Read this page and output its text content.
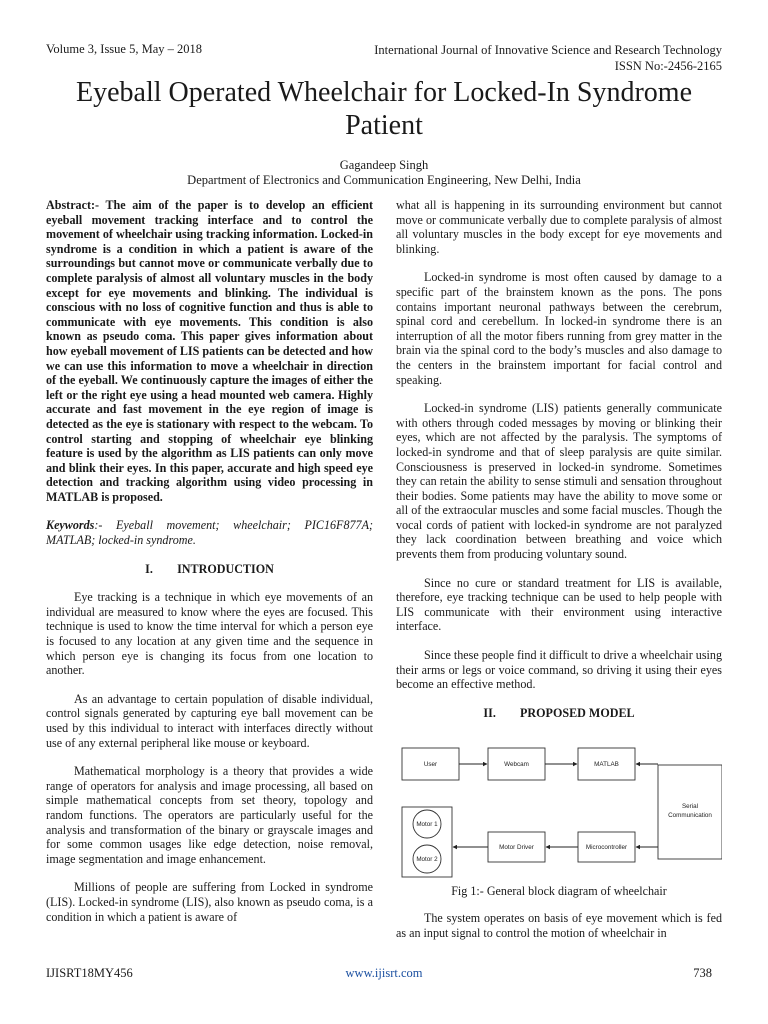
Volume 3, Issue 5, May – 2018	International Journal of Innovative Science and Research Technology
ISSN No:-2456-2165
Eyeball Operated Wheelchair for Locked-In Syndrome Patient
Gagandeep Singh
Department of Electronics and Communication Engineering, New Delhi, India

Abstract:- The aim of the paper is to develop an efficient eyeball movement tracking interface and to control the movement of wheelchair using tracking information. Locked-in syndrome is a condition in which a patient is aware of the surroundings but cannot move or communicate verbally due to complete paralysis of almost all voluntary muscles in the body except for eye movements and blinking. The individual is conscious with no loss of cognitive function and thus is able to communicate with eye movements. This condition is also known as pseudo coma. This paper gives information about how eyeball movement of LIS patients can be detected and how we can use this information to move a wheelchair in direction of the eyeball. We continuously capture the images of either the left or the right eye using a head mounted web camera. Highly accurate and fast movement in the eye region of image is detected as the eye is stationary with respect to the webcam. To control starting and stopping of wheelchair eye blinking feature is used by the algorithm as LIS patients can only move and blink their eyes. In this paper, accurate and high speed eye detection and tracking algorithm using video processing in MATLAB is proposed.

Keywords:- Eyeball movement; wheelchair; PIC16F877A; MATLAB; locked-in syndrome.

I.        INTRODUCTION

Eye tracking is a technique in which eye movements of an individual are measured to know where the eyes are focused. This technique is used to know the time interval for which a person eye is focused to any location at any given time and the sequence in which person eye is changing its focus from one location to another.

As an advantage to certain population of disable individual, control signals generated by capturing eye ball movement can be used by this individual to interact with interfaces directly without use of any external peripheral like mouse or keyboard.

Mathematical morphology is a theory that provides a wide range of operators for analysis and image processing, all based on simple mathematical concepts from set theory, topology and random functions. The operators are particularly useful for the analysis and transformation of the binary or grayscale images and for some common usages like edge detection, noise removal, image segmentation and image enhancement.

Millions of people are suffering from Locked in syndrome (LIS). Locked-in syndrome (LIS), also known as pseudo coma, is a condition in which a patient is aware of

what all is happening in its surrounding environment but cannot move or communicate verbally due to complete paralysis of almost all voluntary muscles in the body except for eye movements and blinking.

Locked-in syndrome is most often caused by damage to a specific part of the brainstem known as the pons. The pons contains important neuronal pathways between the cerebrum, spinal cord and cerebellum. In locked-in syndrome there is an interruption of all the motor fibers running from grey matter in the brain via the spinal cord to the body’s muscles and also damage to the centers in the brainstem important for facial control and speaking.

Locked-in syndrome (LIS) patients generally communicate with others through coded messages by moving or blinking their eyes, which are not affected by the paralysis. The symptoms of locked-in syndrome and that of sleep paralysis are quite similar. Consciousness is preserved in locked-in syndrome. Sometimes they can retain the ability to sense stimuli and sensation throughout their bodies. Some patients may have the ability to move some or all of the extraocular muscles and some facial muscles. Though the vocal cords of patient with locked-in syndrome are not paralyzed they lack coordination between breathing and voice which prevents them from producing voluntary sound.

Since no cure or standard treatment for LIS is available, therefore, eye tracking technique can be used to help people with LIS communicate with their environment using interactive interface.

Since these people find it difficult to drive a wheelchair using their arms or legs or voice command, so driving it using their eyes become an effective method.

II.        PROPOSED MODEL

User	Webcam	MATLAB
Serial
Communication
Microcontroller
Motor Driver
Motor 1
Motor 2

Fig 1:- General block diagram of wheelchair

The system operates on basis of eye movement which is fed as an input signal to control the motion of wheelchair in

IJISRT18MY456	www.ijisrt.com	738
